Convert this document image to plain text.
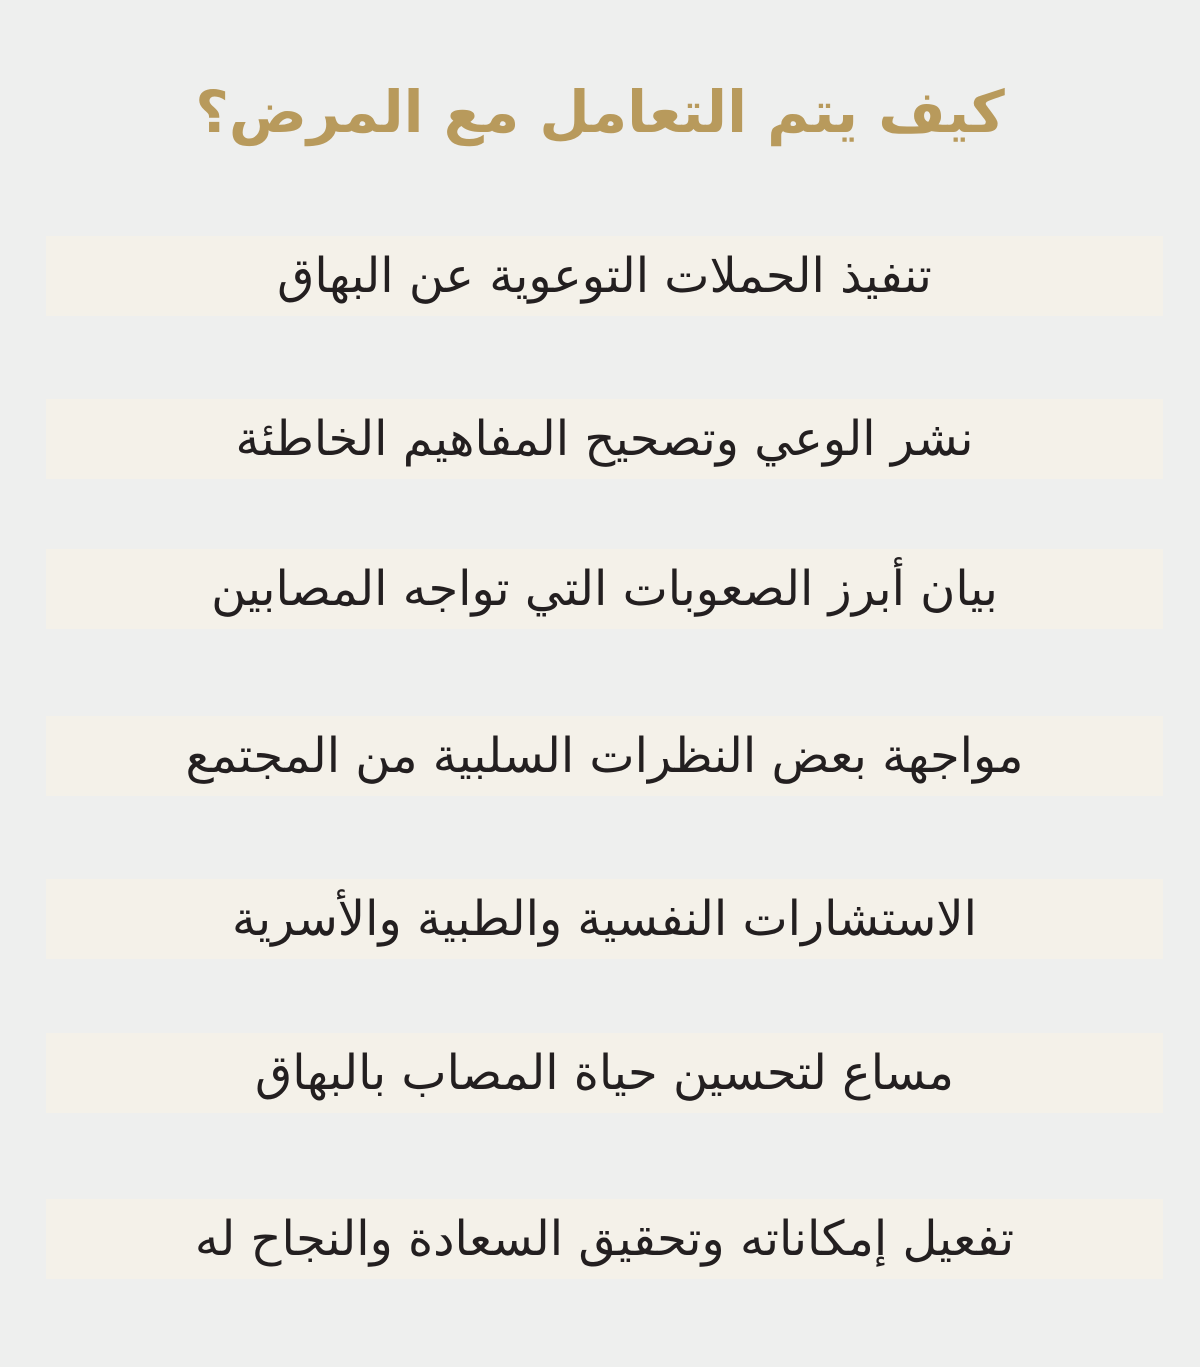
كيف يتم التعامل مع المرض؟
تنفيذ الحملات التوعوية عن البهاق
نشر الوعي وتصحيح المفاهيم الخاطئة
بيان أبرز الصعوبات التي تواجه المصابين
مواجهة بعض النظرات السلبية من المجتمع
الاستشارات النفسية والطبية والأسرية
مساع لتحسين حياة المصاب بالبهاق
تفعيل إمكاناته وتحقيق السعادة والنجاح له
